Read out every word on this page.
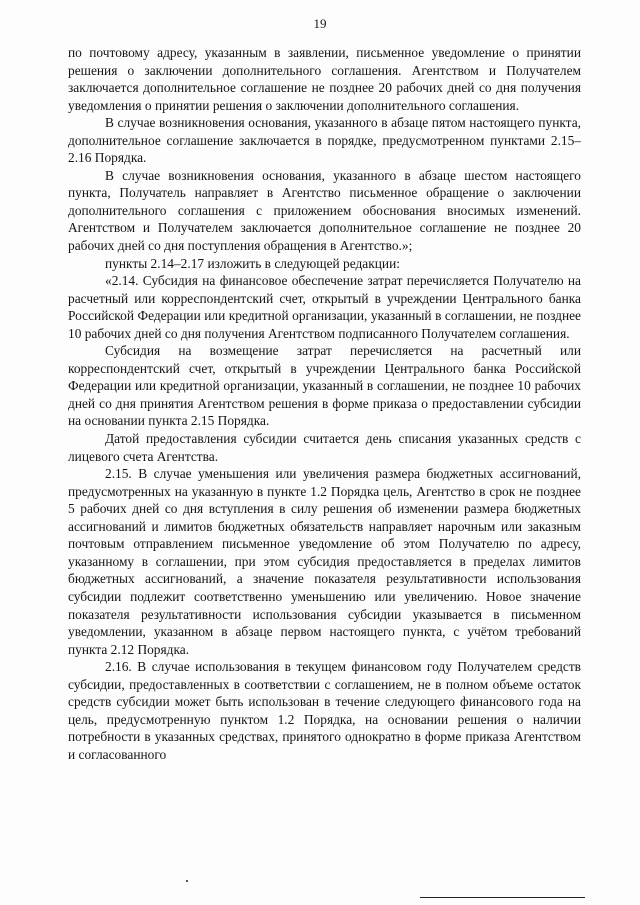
19

по почтовому адресу, указанным в заявлении, письменное уведомление о принятии решения о заключении дополнительного соглашения. Агентством и Получателем заключается дополнительное соглашение не позднее 20 рабочих дней со дня получения уведомления о принятии решения о заключении дополнительного соглашения.

В случае возникновения основания, указанного в абзаце пятом настоящего пункта, дополнительное соглашение заключается в порядке, предусмотренном пунктами 2.15–2.16 Порядка.

В случае возникновения основания, указанного в абзаце шестом настоящего пункта, Получатель направляет в Агентство письменное обращение о заключении дополнительного соглашения с приложением обоснования вносимых изменений. Агентством и Получателем заключается дополнительное соглашение не позднее 20 рабочих дней со дня поступления обращения в Агентство.»;

пункты 2.14–2.17 изложить в следующей редакции:

«2.14. Субсидия на финансовое обеспечение затрат перечисляется Получателю на расчетный или корреспондентский счет, открытый в учреждении Центрального банка Российской Федерации или кредитной организации, указанный в соглашении, не позднее 10 рабочих дней со дня получения Агентством подписанного Получателем соглашения.

Субсидия на возмещение затрат перечисляется на расчетный или корреспондентский счет, открытый в учреждении Центрального банка Российской Федерации или кредитной организации, указанный в соглашении, не позднее 10 рабочих дней со дня принятия Агентством решения в форме приказа о предоставлении субсидии на основании пункта 2.15 Порядка.

Датой предоставления субсидии считается день списания указанных средств с лицевого счета Агентства.

2.15. В случае уменьшения или увеличения размера бюджетных ассигнований, предусмотренных на указанную в пункте 1.2 Порядка цель, Агентство в срок не позднее 5 рабочих дней со дня вступления в силу решения об изменении размера бюджетных ассигнований и лимитов бюджетных обязательств направляет нарочным или заказным почтовым отправлением письменное уведомление об этом Получателю по адресу, указанному в соглашении, при этом субсидия предоставляется в пределах лимитов бюджетных ассигнований, а значение показателя результативности использования субсидии подлежит соответственно уменьшению или увеличению. Новое значение показателя результативности использования субсидии указывается в письменном уведомлении, указанном в абзаце первом настоящего пункта, с учётом требований пункта 2.12 Порядка.

2.16. В случае использования в текущем финансовом году Получателем средств субсидии, предоставленных в соответствии с соглашением, не в полном объеме остаток средств субсидии может быть использован в течение следующего финансового года на цель, предусмотренную пунктом 1.2 Порядка, на основании решения о наличии потребности в указанных средствах, принятого однократно в форме приказа Агентством и согласованного
